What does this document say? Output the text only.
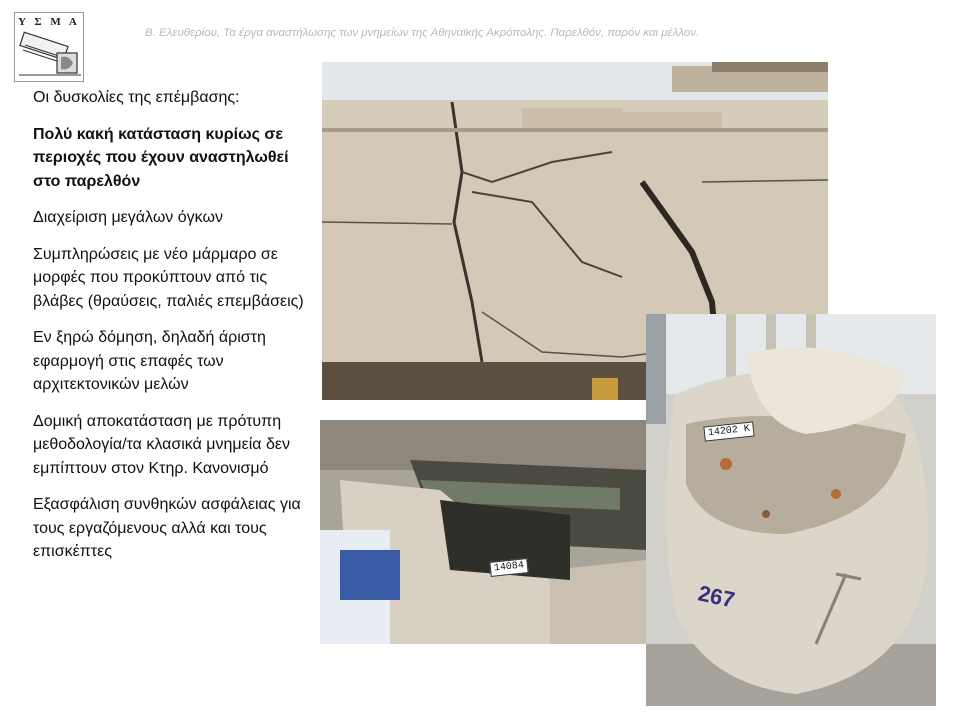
Y Σ M A
Β. Ελευθερίου, Τα έργα αναστήλωσης των μνημείων της Αθηναϊκής Ακρόπολης. Παρελθόν, παρόν και μέλλον.

Οι δυσκολίες της επέμβασης:

Πολύ κακή κατάσταση κυρίως σε περιοχές που έχουν αναστηλωθεί στο παρελθόν

Διαχείριση μεγάλων όγκων

Συμπληρώσεις με νέο μάρμαρο σε μορφές που προκύπτουν από τις βλάβες (θραύσεις, παλιές επεμβάσεις)

Εν ξηρώ δόμηση, δηλαδή άριστη εφαρμογή στις επαφές των αρχιτεκτονικών μελών

Δομική αποκατάσταση με πρότυπη μεθοδολογία/τα κλασικά μνημεία δεν εμπίπτουν στον Κτηρ. Κανονισμό

Εξασφάλιση συνθηκών ασφάλειας για τους εργαζόμενους αλλά και τους επισκέπτες

14084
14202 K
267
